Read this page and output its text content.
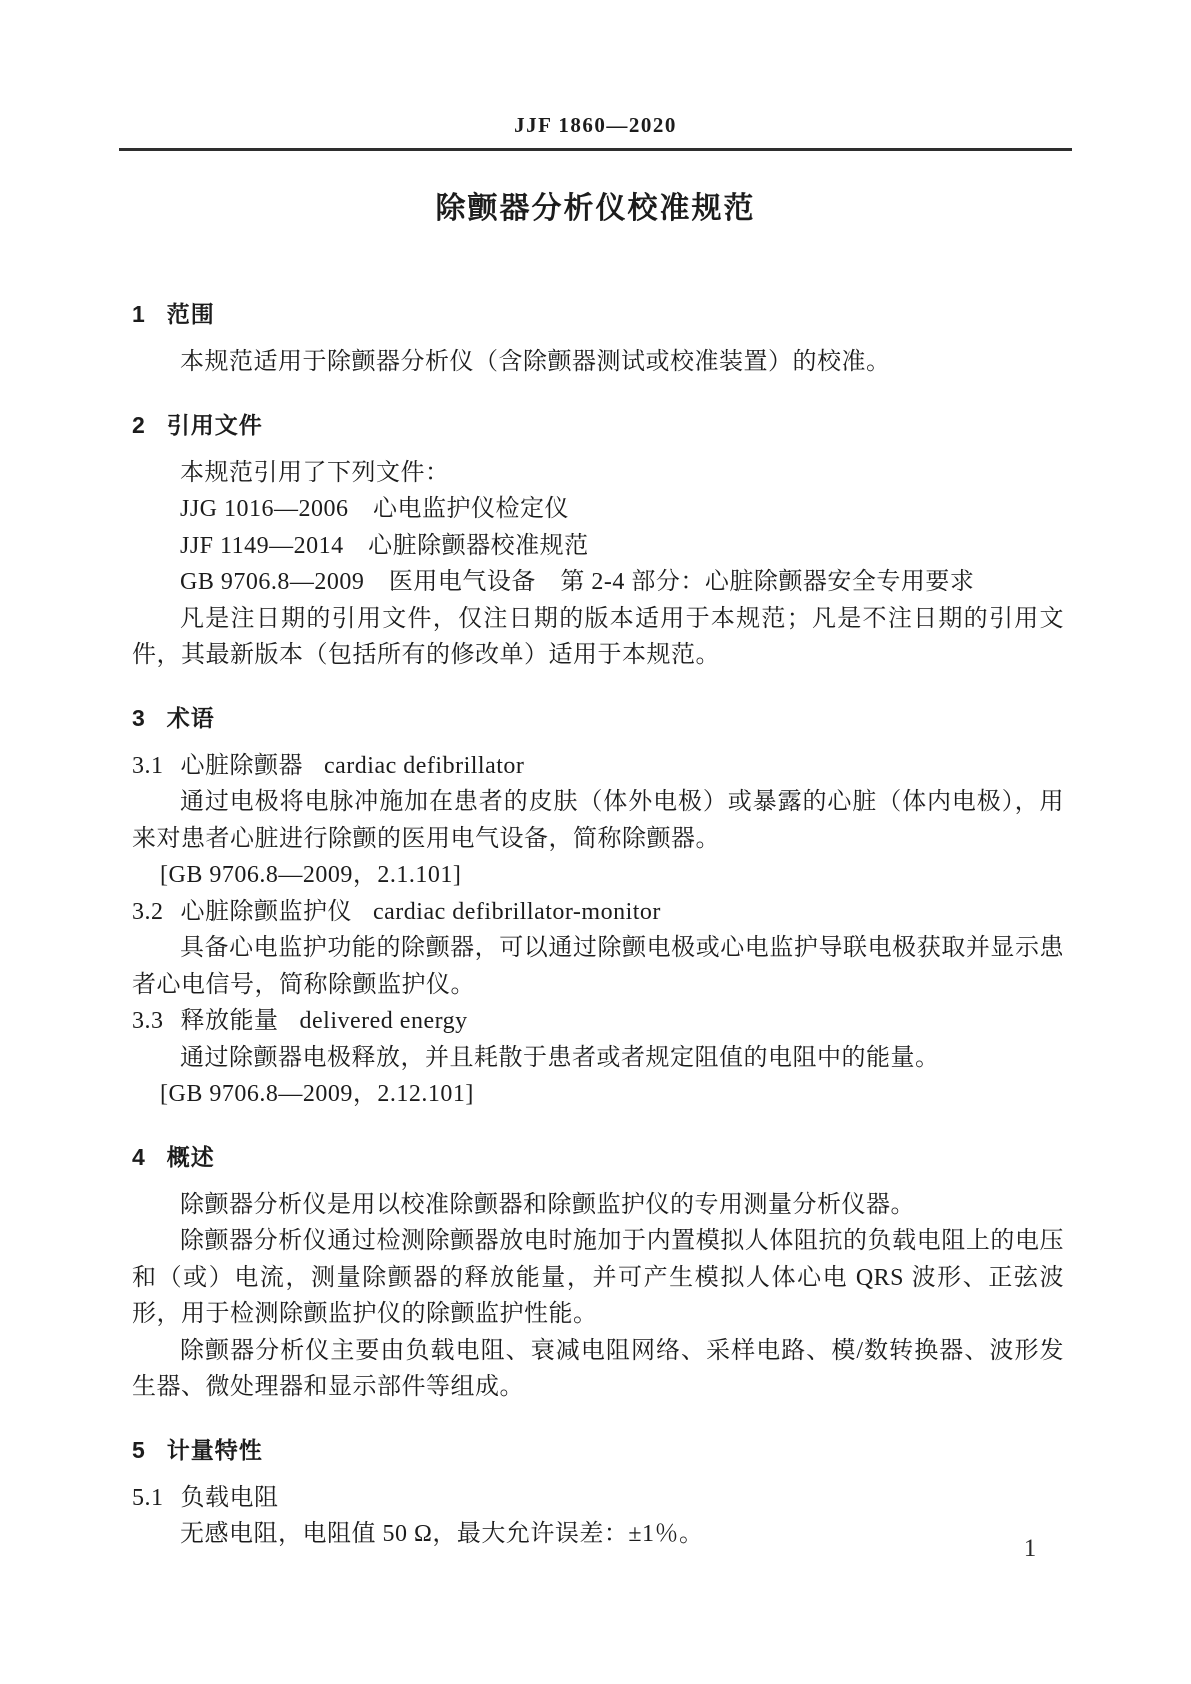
JJF 1860—2020
除颤器分析仪校准规范
1 范围

本规范适用于除颤器分析仪（含除颤器测试或校准装置）的校准。

2 引用文件

本规范引用了下列文件：

JJG 1016—2006　心电监护仪检定仪

JJF 1149—2014　心脏除颤器校准规范

GB 9706.8—2009　医用电气设备　第 2-4 部分：心脏除颤器安全专用要求

凡是注日期的引用文件，仅注日期的版本适用于本规范；凡是不注日期的引用文件，其最新版本（包括所有的修改单）适用于本规范。

3 术语

3.1 心脏除颤器 cardiac defibrillator

通过电极将电脉冲施加在患者的皮肤（体外电极）或暴露的心脏（体内电极），用来对患者心脏进行除颤的医用电气设备，简称除颤器。

[GB 9706.8—2009，2.1.101]

3.2 心脏除颤监护仪 cardiac defibrillator-monitor

具备心电监护功能的除颤器，可以通过除颤电极或心电监护导联电极获取并显示患者心电信号，简称除颤监护仪。

3.3 释放能量 delivered energy

通过除颤器电极释放，并且耗散于患者或者规定阻值的电阻中的能量。

[GB 9706.8—2009，2.12.101]

4 概述

除颤器分析仪是用以校准除颤器和除颤监护仪的专用测量分析仪器。

除颤器分析仪通过检测除颤器放电时施加于内置模拟人体阻抗的负载电阻上的电压和（或）电流，测量除颤器的释放能量，并可产生模拟人体心电 QRS 波形、正弦波形，用于检测除颤监护仪的除颤监护性能。

除颤器分析仪主要由负载电阻、衰减电阻网络、采样电路、模/数转换器、波形发生器、微处理器和显示部件等组成。

5 计量特性

5.1 负载电阻

无感电阻，电阻值 50 Ω，最大允许误差：±1％。

1
